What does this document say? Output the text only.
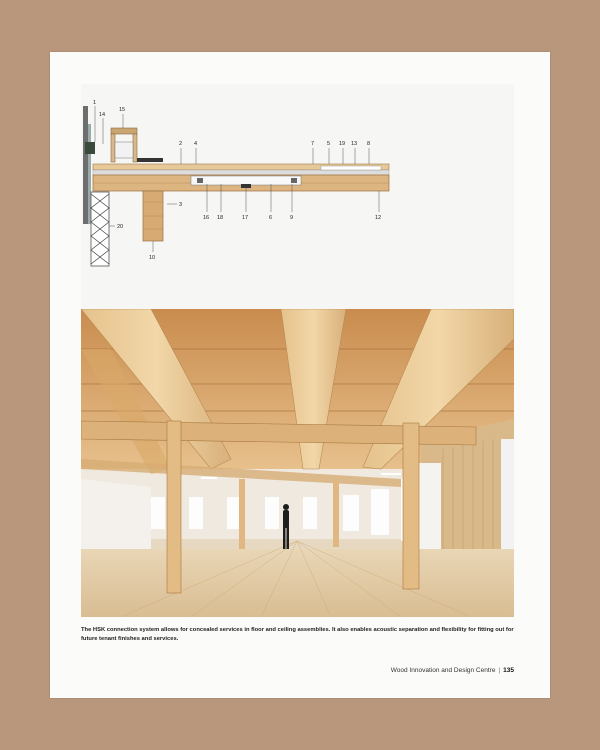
1
14
15
2 4	7 5 19 13 8
3
20
16 18	17	6	9	12
10

The HSK connection system allows for concealed services in floor and ceiling assemblies. It also enables acoustic separation and flexibility for fitting out for future tenant finishes and services.

Wood Innovation and Design Centre | 135
